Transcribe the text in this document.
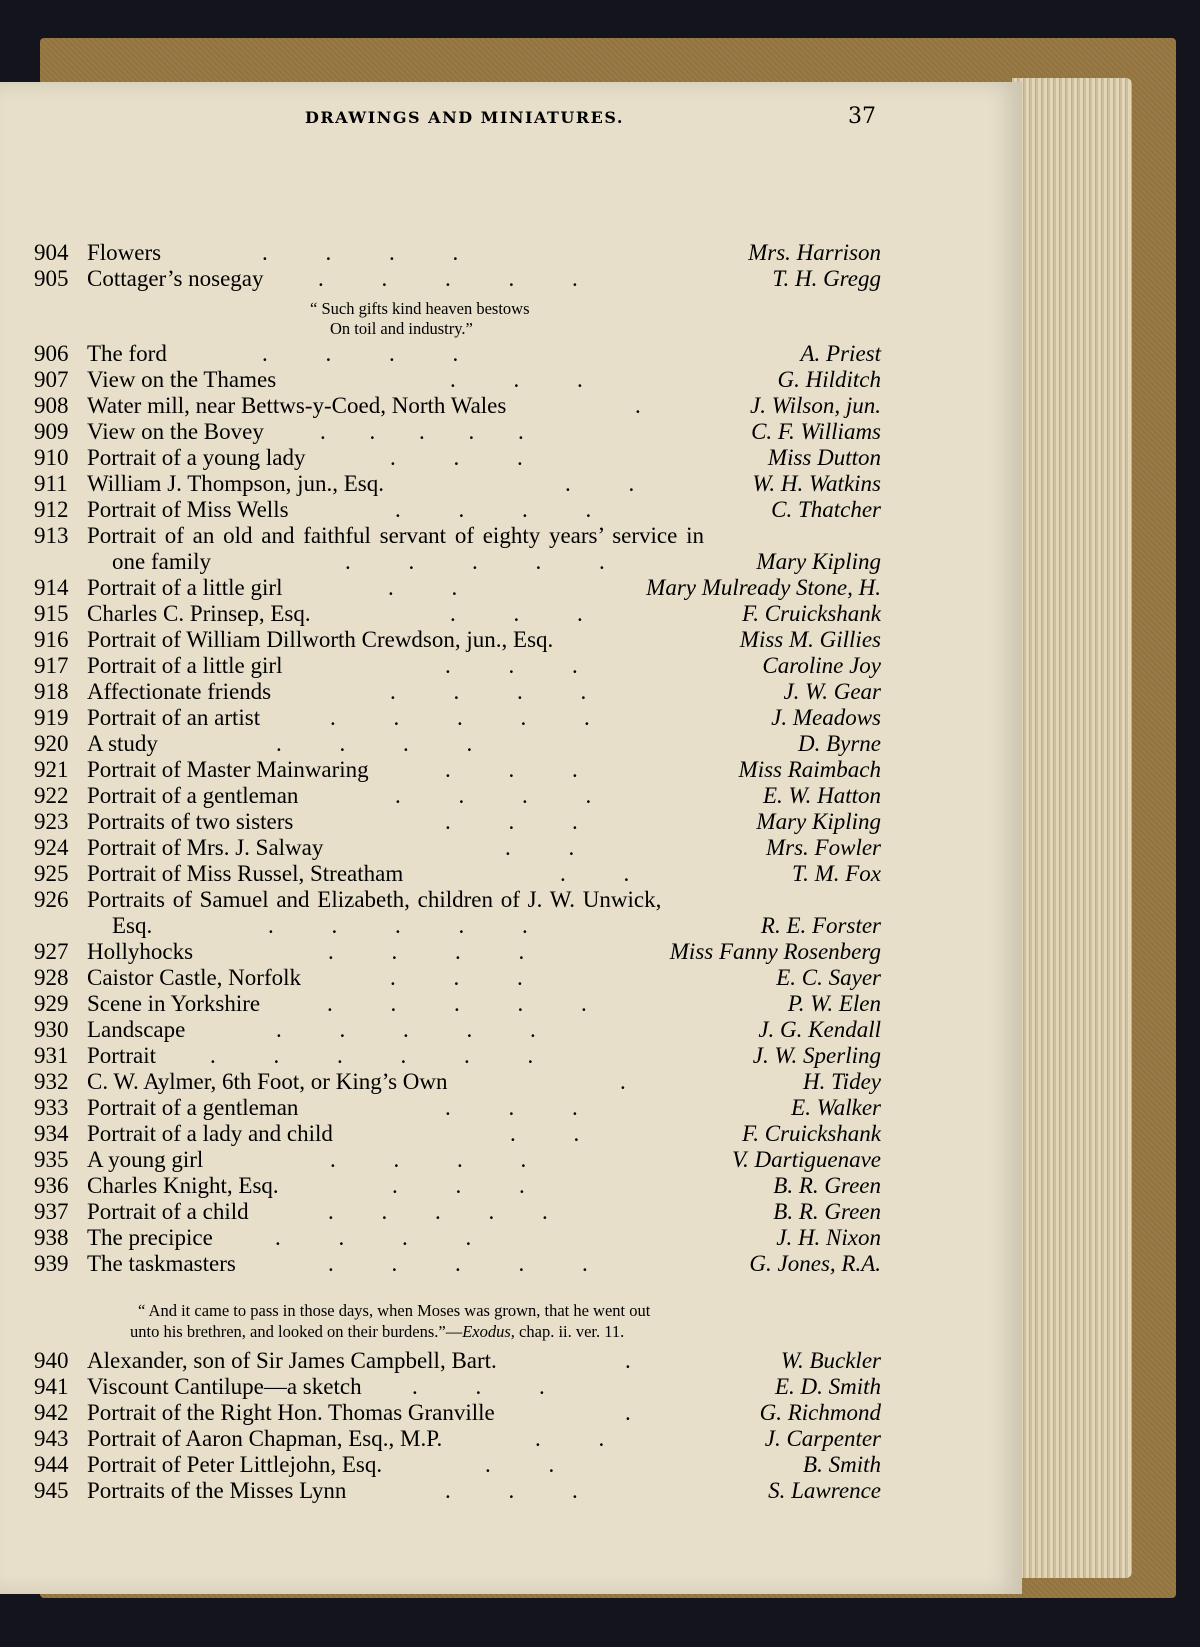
DRAWINGS AND MINIATURES.	37
904 Flowers	. . . .	Mrs. Harrison
905 Cottager’s nosegay . . . . .	T. H. Gregg
“ Such gifts kind heaven bestows
On toil and industry.”
906 The ford	. . . .	A. Priest
907 View on the Thames	. . .	G. Hilditch
908 Water mill, near Bettws-y-Coed, North Wales	.	J. Wilson, jun.
909 View on the Bovey . . . . .	C. F. Williams
910 Portrait of a young lady	. . .	Miss Dutton
911 William J. Thompson, jun., Esq.	. .	W. H. Watkins
912 Portrait of Miss Wells	. . . .	C. Thatcher
913 Portrait of an old and faithful servant of eighty years’ service in
one family	. . . . .	Mary Kipling
914 Portrait of a little girl	. .	Mary Mulready Stone, H.
915 Charles C. Prinsep, Esq.	. . .	F. Cruickshank
916 Portrait of William Dillworth Crewdson, jun., Esq.	Miss M. Gillies
917 Portrait of a little girl	. . .	Caroline Joy
918 Affectionate friends	. . . .	J. W. Gear
919 Portrait of an artist	. . . . .	J. Meadows
920 A study	. . . .	D. Byrne
921 Portrait of Master Mainwaring	. . .	Miss Raimbach
922 Portrait of a gentleman	. . . .	E. W. Hatton
923 Portraits of two sisters	. . .	Mary Kipling
924 Portrait of Mrs. J. Salway	. .	Mrs. Fowler
925 Portrait of Miss Russel, Streatham	. .	T. M. Fox
926 Portraits of Samuel and Elizabeth, children of J. W. Unwick,
Esq.	. . . . .	R. E. Forster
927 Hollyhocks	. . . .	Miss Fanny Rosenberg
928 Caistor Castle, Norfolk	. . .	E. C. Sayer
929 Scene in Yorkshire	. . . . .	P. W. Elen
930 Landscape	. . . . .	J. G. Kendall
931 Portrait . . . . . .	J. W. Sperling
932 C. W. Aylmer, 6th Foot, or King’s Own	.	H. Tidey
933 Portrait of a gentleman	. . .	E. Walker
934 Portrait of a lady and child	. .	F. Cruickshank
935 A young girl	. . . .	V. Dartiguenave
936 Charles Knight, Esq.	. . .	B. R. Green
937 Portrait of a child	. . . . .	B. R. Green
938 The precipice	. . . .	J. H. Nixon
939 The taskmasters	. . . . .	G. Jones, R.A.
“ And it came to pass in those days, when Moses was grown, that he went out
unto his brethren, and looked on their burdens.”—Exodus, chap. ii. ver. 11.
940 Alexander, son of Sir James Campbell, Bart.	.	W. Buckler
941 Viscount Cantilupe—a sketch . . .	E. D. Smith
942 Portrait of the Right Hon. Thomas Granville	.	G. Richmond
943 Portrait of Aaron Chapman, Esq., M.P.	. .	J. Carpenter
944 Portrait of Peter Littlejohn, Esq.	. .	B. Smith
945 Portraits of the Misses Lynn	. . .	S. Lawrence
